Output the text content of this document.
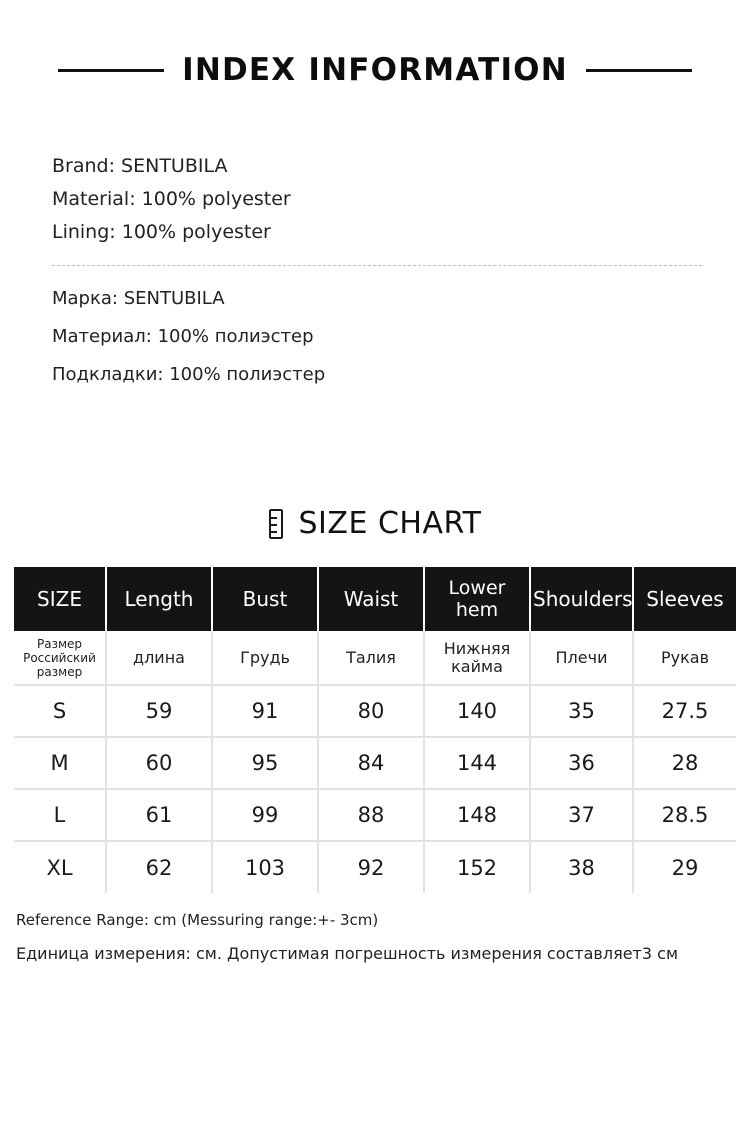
INDEX INFORMATION
Brand: SENTUBILA
Material: 100% polyester
Lining: 100% polyester
Марка: SENTUBILA
Материал: 100% полиэстер
Подкладки: 100% полиэстер
SIZE CHART
SIZE	Length	Bust	Waist	Lower hem	Shoulders	Sleeves
Размер Российский размер	длина	Грудь	Талия	Нижняя кайма	Плечи	Рукав
S	59	91	80	140	35	27.5
M	60	95	84	144	36	28
L	61	99	88	148	37	28.5
XL	62	103	92	152	38	29
Reference Range: cm (Messuring range:+- 3cm)
Единица измерения: см. Допустимая погрешность измерения составляет3 см
